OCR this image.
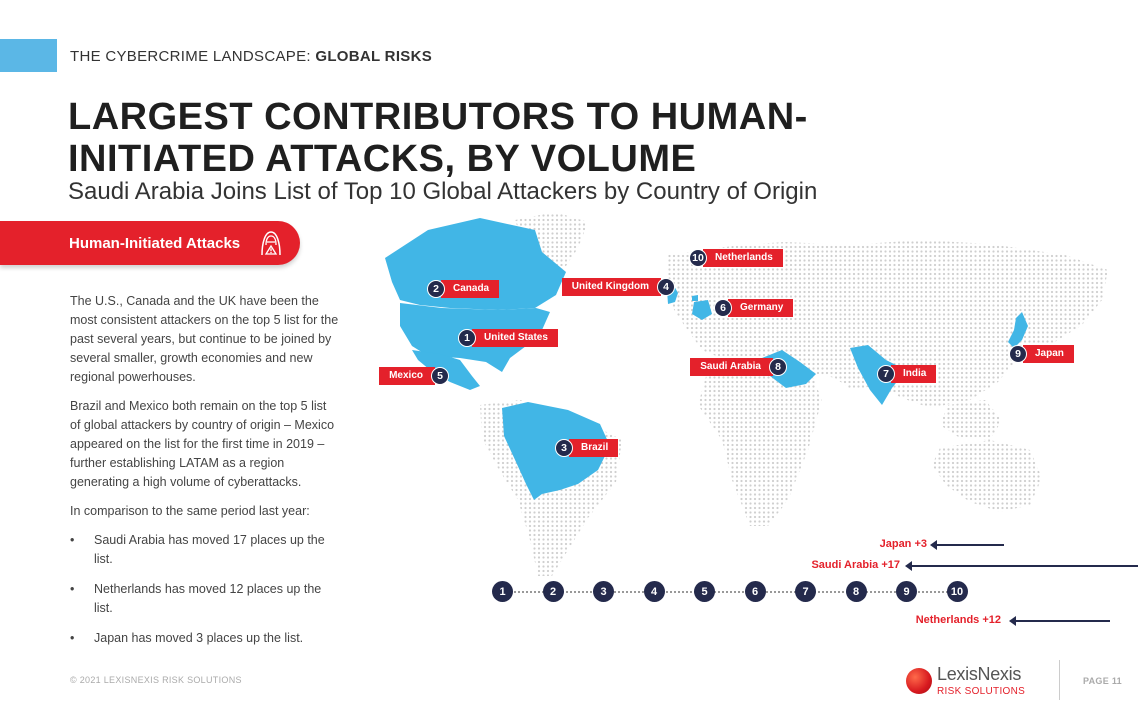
THE CYBERCRIME LANDSCAPE: GLOBAL RISKS
LARGEST CONTRIBUTORS TO HUMAN-INITIATED ATTACKS, BY VOLUME
Saudi Arabia Joins List of Top 10 Global Attackers by Country of Origin
Human-Initiated Attacks

The U.S., Canada and the UK have been the most consistent attackers on the top 5 list for the past several years, but continue to be joined by several smaller, growth economies and new regional powerhouses.

Brazil and Mexico both remain on the top 5 list of global attackers by country of origin – Mexico appeared on the list for the first time in 2019 – further establishing LATAM as a region generating a high volume of cyberattacks.

In comparison to the same period last year:

• Saudi Arabia has moved 17 places up the list.
• Netherlands has moved 12 places up the list.
• Japan has moved 3 places up the list.
2	Canada
1	United States
Mexico	5
3	Brazil
United Kingdom	4
10	Netherlands
6	Germany
Saudi Arabia	8
7	India
9	Japan
Japan +3
Saudi Arabia +17
1	2	3	4	5	6	7	8	9	10
Netherlands +12
© 2021 LEXISNEXIS RISK SOLUTIONS	LexisNexis
RISK SOLUTIONS
PAGE 11
